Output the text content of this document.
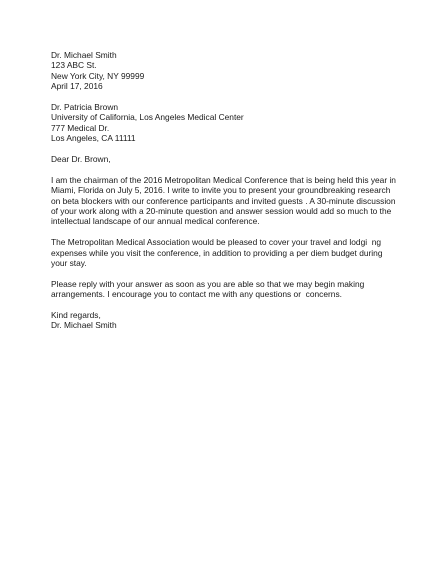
Dr. Michael Smith
123 ABC St.
New York City, NY 99999
April 17, 2016
Dr. Patricia Brown
University of California, Los Angeles Medical Center
777 Medical Dr.
Los Angeles, CA 11111
Dear Dr. Brown,
I am the chairman of the 2016 Metropolitan Medical Conference that is being held this year in
Miami, Florida on July 5, 2016. I write to invite you to present your groundbreaking research
on beta blockers with our conference participants and invited guests . A 30-minute discussion
of your work along with a 20-minute question and answer session would add so much to the
intellectual landscape of our annual medical conference.
The Metropolitan Medical Association would be pleased to cover your travel and lodgi  ng
expenses while you visit the conference, in addition to providing a per diem budget during
your stay.
Please reply with your answer as soon as you are able so that we may begin making
arrangements. I encourage you to contact me with any questions or  concerns.
Kind regards,
Dr. Michael Smith
